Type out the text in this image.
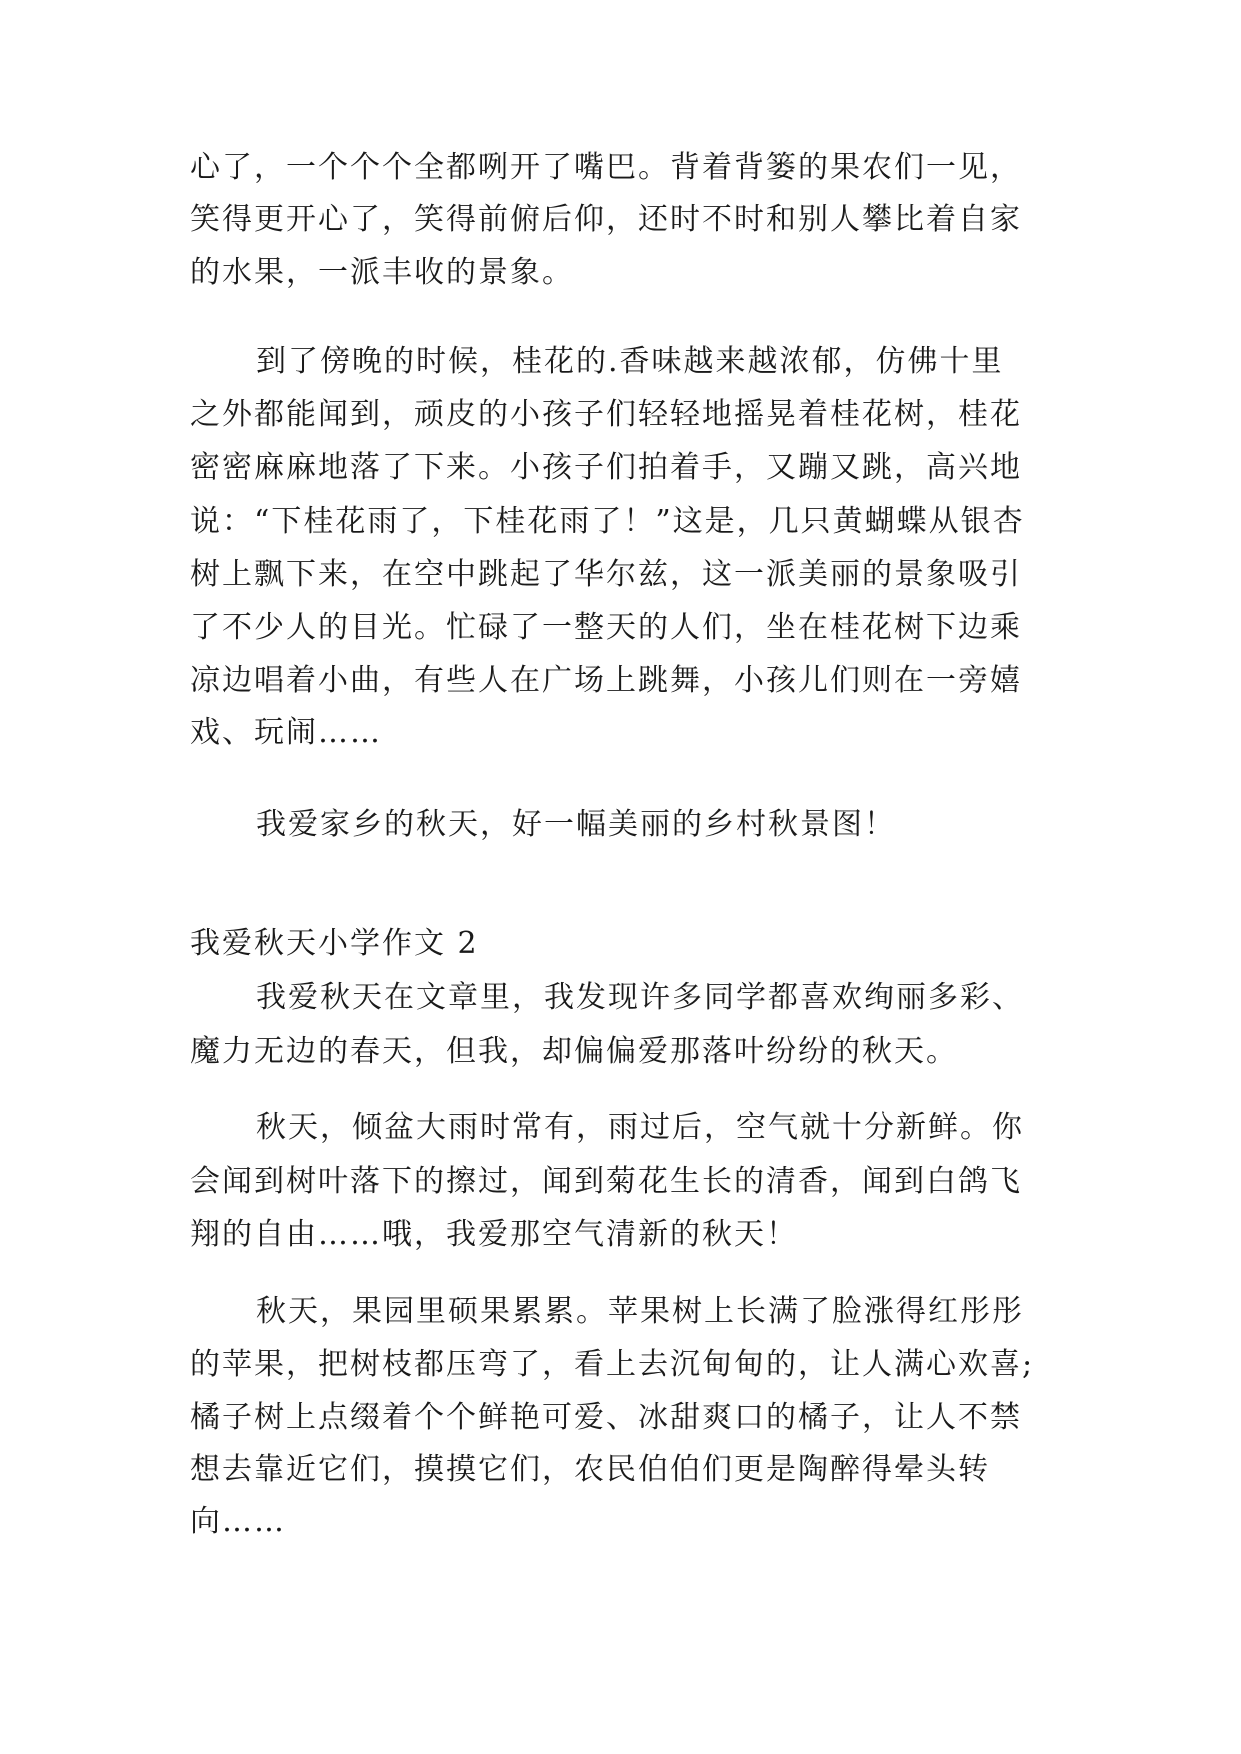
心了，一个个个全都咧开了嘴巴。背着背篓的果农们一见，
笑得更开心了，笑得前俯后仰，还时不时和别人攀比着自家
的水果，一派丰收的景象。
到了傍晚的时候，桂花的.香味越来越浓郁，仿佛十里
之外都能闻到，顽皮的小孩子们轻轻地摇晃着桂花树，桂花
密密麻麻地落了下来。小孩子们拍着手，又蹦又跳，高兴地
说：“下桂花雨了，下桂花雨了！”这是，几只黄蝴蝶从银杏
树上飘下来，在空中跳起了华尔兹，这一派美丽的景象吸引
了不少人的目光。忙碌了一整天的人们，坐在桂花树下边乘
凉边唱着小曲，有些人在广场上跳舞，小孩儿们则在一旁嬉
戏、玩闹……
我爱家乡的秋天，好一幅美丽的乡村秋景图！
我爱秋天小学作文 2
我爱秋天在文章里，我发现许多同学都喜欢绚丽多彩、
魔力无边的春天，但我，却偏偏爱那落叶纷纷的秋天。
秋天，倾盆大雨时常有，雨过后，空气就十分新鲜。你
会闻到树叶落下的擦过，闻到菊花生长的清香，闻到白鸽飞
翔的自由……哦，我爱那空气清新的秋天！
秋天，果园里硕果累累。苹果树上长满了脸涨得红彤彤
的苹果，把树枝都压弯了，看上去沉甸甸的，让人满心欢喜;
橘子树上点缀着个个鲜艳可爱、冰甜爽口的橘子，让人不禁
想去靠近它们，摸摸它们，农民伯伯们更是陶醉得晕头转
向……
